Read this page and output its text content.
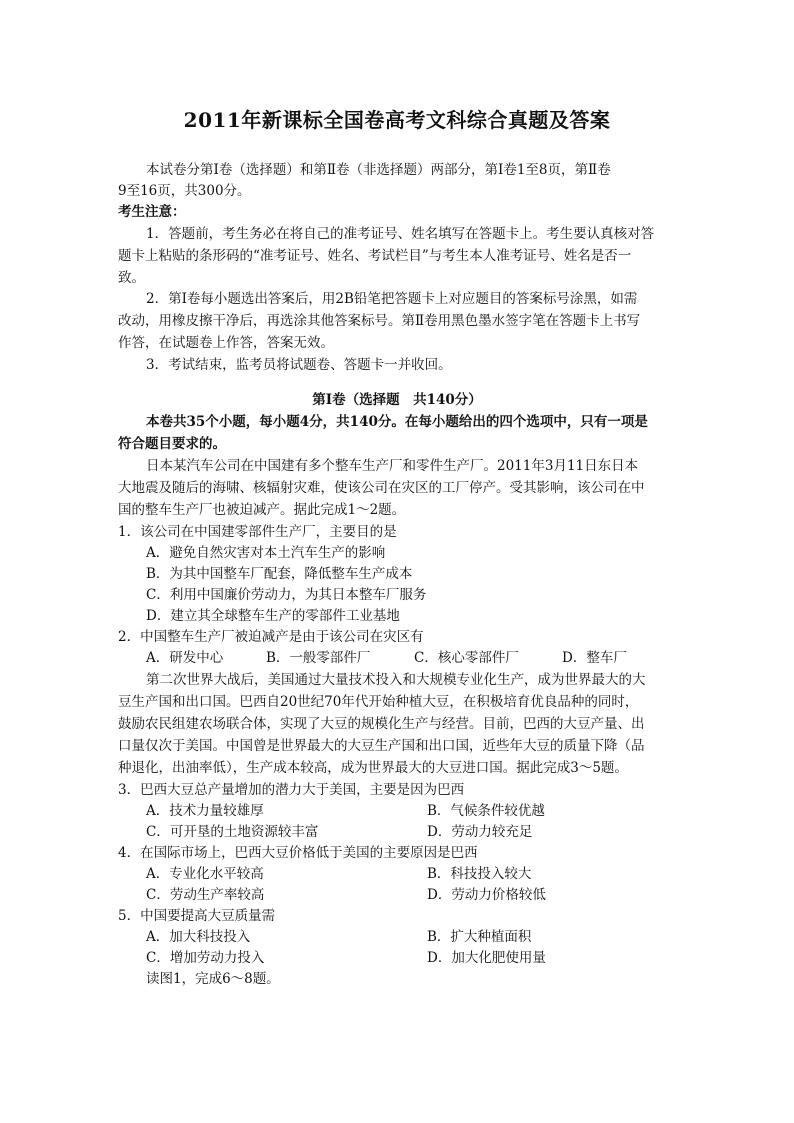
2011年新课标全国卷高考文科综合真题及答案
本试卷分第Ⅰ卷（选择题）和第Ⅱ卷（非选择题）两部分，第Ⅰ卷1至8页，第Ⅱ卷
9至16页，共300分。
考生注意：
1．答题前，考生务必在将自己的准考证号、姓名填写在答题卡上。考生要认真核对答
题卡上粘贴的条形码的“准考证号、姓名、考试栏目”与考生本人准考证号、姓名是否一
致。
2．第Ⅰ卷每小题选出答案后，用2B铅笔把答题卡上对应题目的答案标号涂黑，如需
改动，用橡皮擦干净后，再选涂其他答案标号。第Ⅱ卷用黑色墨水签字笔在答题卡上书写
作答，在试题卷上作答，答案无效。
3．考试结束，监考员将试题卷、答题卡一并收回。
第Ⅰ卷（选择题　共140分）
本卷共35个小题，每小题4分，共140分。在每小题给出的四个选项中，只有一项是
符合题目要求的。
日本某汽车公司在中国建有多个整车生产厂和零件生产厂。2011年3月11日东日本
大地震及随后的海啸、核辐射灾难，使该公司在灾区的工厂停产。受其影响，该公司在中
国的整车生产厂也被迫减产。据此完成1～2题。
1．该公司在中国建零部件生产厂，主要目的是
A．避免自然灾害对本土汽车生产的影响
B．为其中国整车厂配套，降低整车生产成本
C．利用中国廉价劳动力，为其日本整车厂服务
D．建立其全球整车生产的零部件工业基地
2．中国整车生产厂被迫减产是由于该公司在灾区有
A．研发中心	B．一般零部件厂	C．核心零部件厂	D．整车厂
第二次世界大战后，美国通过大量技术投入和大规模专业化生产，成为世界最大的大
豆生产国和出口国。巴西自20世纪70年代开始种植大豆，在积极培育优良品种的同时，
鼓励农民组建农场联合体，实现了大豆的规模化生产与经营。目前，巴西的大豆产量、出
口量仅次于美国。中国曾是世界最大的大豆生产国和出口国，近些年大豆的质量下降（品
种退化，出油率低），生产成本较高，成为世界最大的大豆进口国。据此完成3～5题。
3．巴西大豆总产量增加的潜力大于美国，主要是因为巴西
A．技术力量较雄厚	B．气候条件较优越
C．可开垦的土地资源较丰富	D．劳动力较充足
4．在国际市场上，巴西大豆价格低于美国的主要原因是巴西
A．专业化水平较高	B．科技投入较大
C．劳动生产率较高	D．劳动力价格较低
5．中国要提高大豆质量需
A．加大科技投入	B．扩大种植面积
C．增加劳动力投入	D．加大化肥使用量
读图1，完成6～8题。
